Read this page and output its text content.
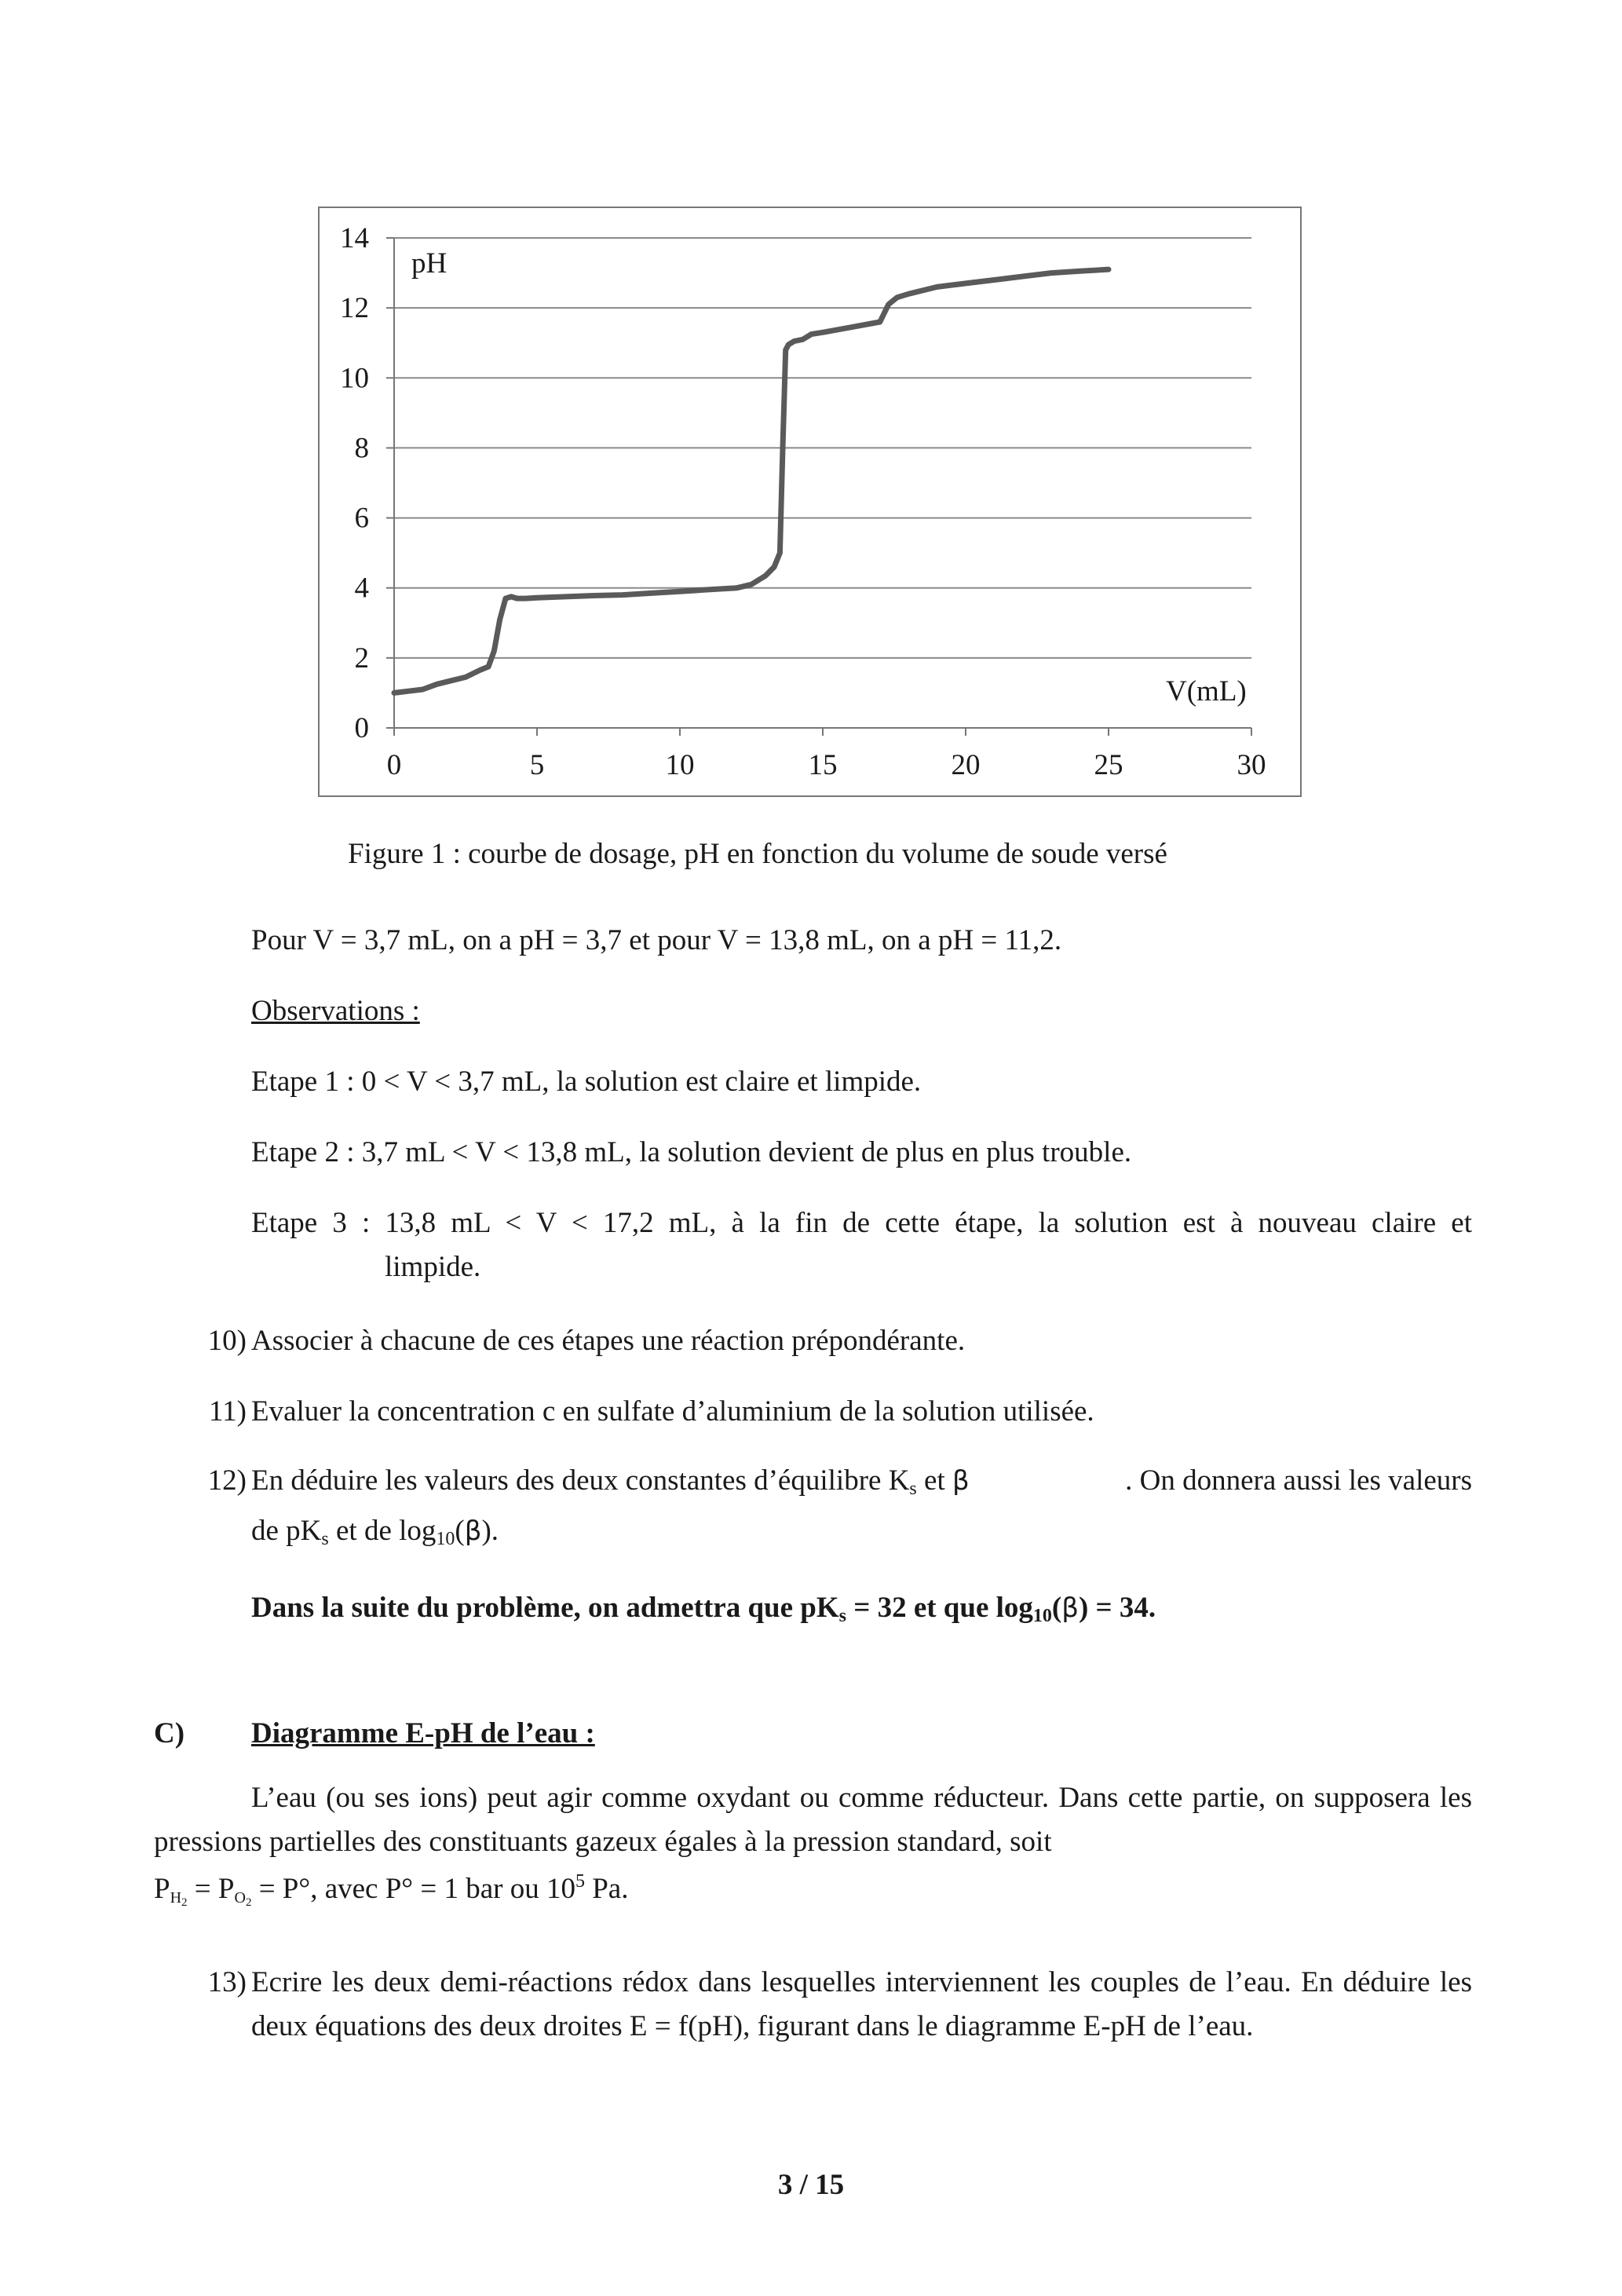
0
2
4
6
8
10
12
14
0	5	10	15	20	25	30
pH
V(mL)
Figure 1 : courbe de dosage, pH en fonction du volume de soude versé
Pour V = 3,7 mL, on a pH = 3,7 et pour V = 13,8 mL, on a pH = 11,2.
Observations :
Etape 1 : 0 < V < 3,7 mL, la solution est claire et limpide.
Etape 2 : 3,7 mL < V < 13,8 mL, la solution devient de plus en plus trouble.
Etape 3 : 13,8 mL < V < 17,2 mL, à la fin de cette étape, la solution est à nouveau claire et
limpide.
10) Associer à chacune de ces étapes une réaction prépondérante.
11) Evaluer la concentration c en sulfate d’aluminium de la solution utilisée.
12) En déduire les valeurs des deux constantes d’équilibre $K_s$ et β	. On donnera aussi les valeurs
de $pK_s$ et de $\log_{10}(\beta)$.
Dans la suite du problème, on admettra que $pK_s = 32$ et que $\log_{10}(\beta) = 34$.
C) Diagramme E-pH de l’eau :
L’eau (ou ses ions) peut agir comme oxydant ou comme réducteur. Dans cette partie, on supposera les pressions partielles des constituants gazeux égales à la pression standard, soit
$P_{H_2} = P_{O_2} = P^\circ$, avec P° = 1 bar ou $10^5$ Pa.
13) Ecrire les deux demi-réactions rédox dans lesquelles interviennent les couples de l’eau. En déduire les deux équations des deux droites E = f(pH), figurant dans le diagramme E-pH de l’eau.
3 / 15
